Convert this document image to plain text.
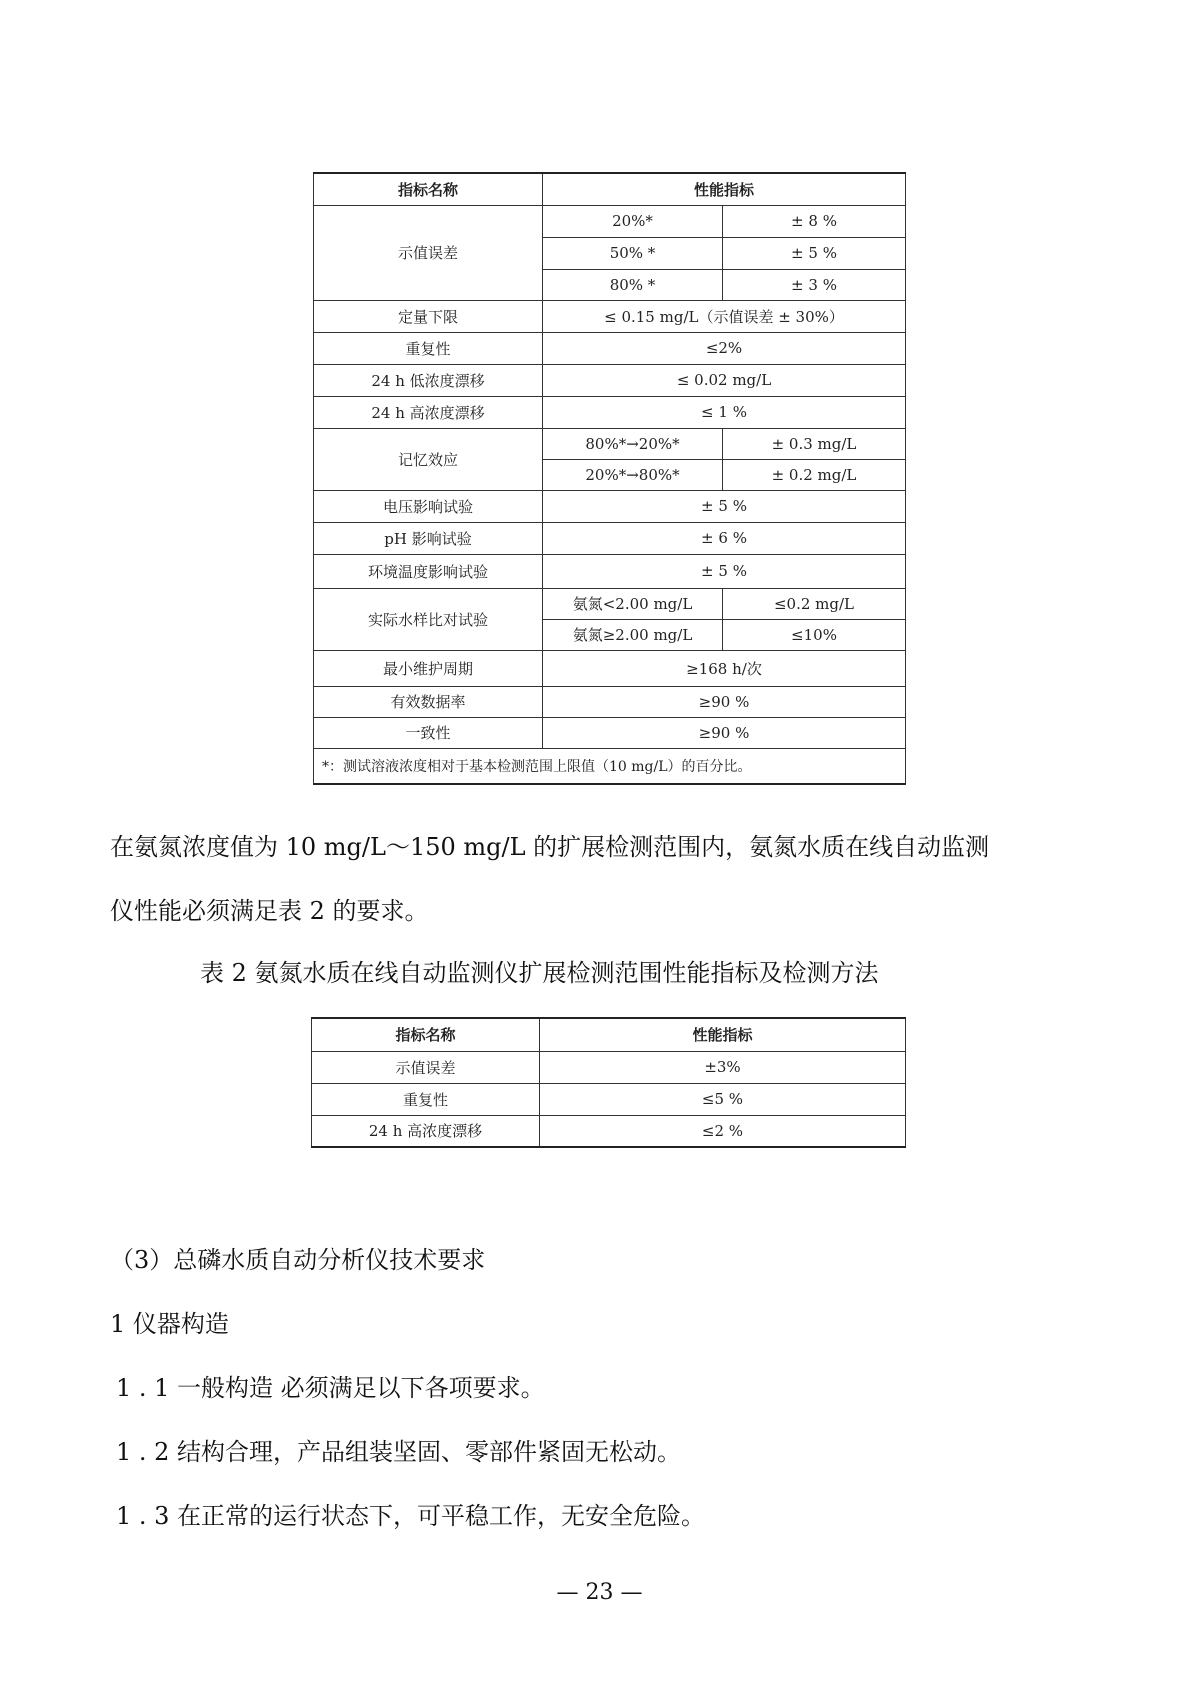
指标名称	性能指标	
示值误差	20%*	± 8 %
	50% *	± 5 %
	80% *	± 3 %
定量下限	≤ 0.15 mg/L（示值误差 ± 30%）	
重复性	≤2%	
24 h 低浓度漂移	≤ 0.02 mg/L	
24 h 高浓度漂移	≤ 1 %	
记忆效应	80%*→20%*	± 0.3 mg/L
	20%*→80%*	± 0.2 mg/L
电压影响试验	± 5 %	
pH 影响试验	± 6 %	
环境温度影响试验	± 5 %	
实际水样比对试验	氨氮<2.00 mg/L	≤0.2 mg/L
	氨氮≥2.00 mg/L	≤10%
最小维护周期	≥168 h/次	
有效数据率	≥90 %	
一致性	≥90 %	
*：测试溶液浓度相对于基本检测范围上限值（10 mg/L）的百分比。		
在氨氮浓度值为 10 mg/L～150 mg/L 的扩展检测范围内，氨氮水质在线自动监测
仪性能必须满足表 2 的要求。
表 2 氨氮水质在线自动监测仪扩展检测范围性能指标及检测方法
指标名称	性能指标
示值误差	±3%
重复性	≤5 %
24 h 高浓度漂移	≤2 %
（3）总磷水质自动分析仪技术要求
1 仪器构造
1 . 1 一般构造 必须满足以下各项要求。
1 . 2 结构合理，产品组装坚固、零部件紧固无松动。
1 . 3 在正常的运行状态下，可平稳工作，无安全危险。
— 23 —
